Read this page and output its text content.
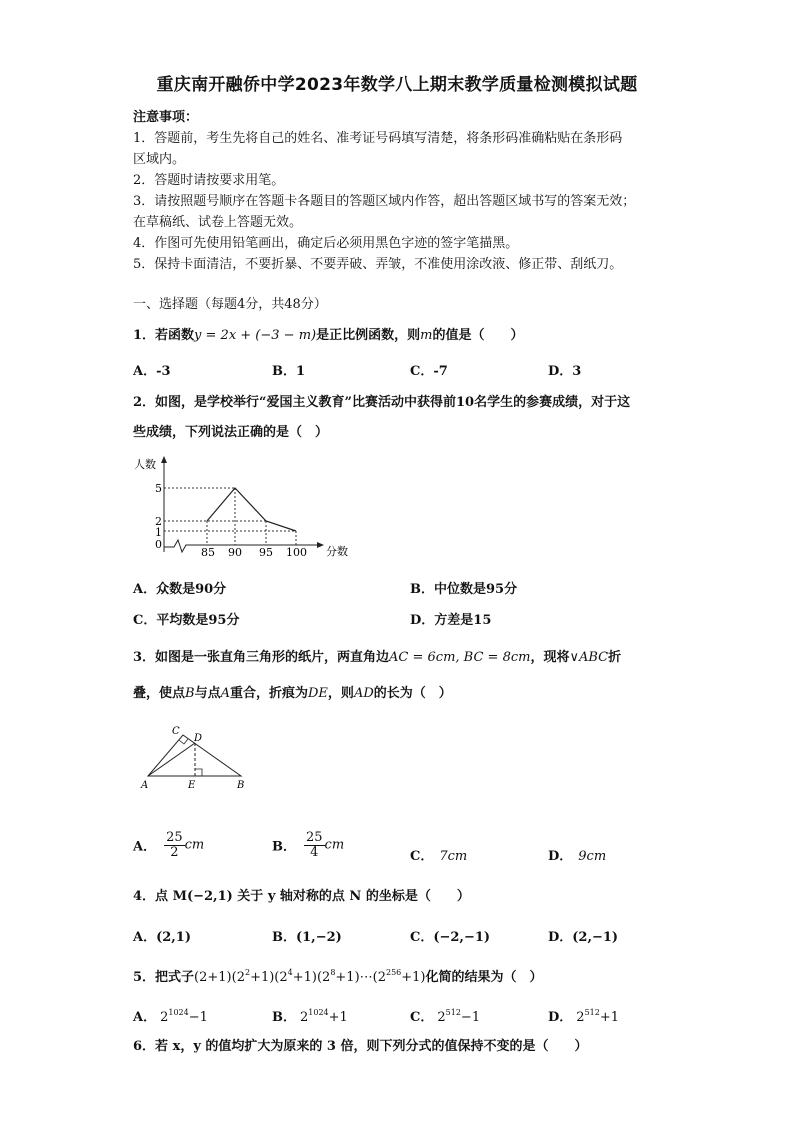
重庆南开融侨中学2023年数学八上期末教学质量检测模拟试题
注意事项：
1．答题前，考生先将自己的姓名、准考证号码填写清楚，将条形码准确粘贴在条形码
区域内。
2．答题时请按要求用笔。
3．请按照题号顺序在答题卡各题目的答题区域内作答，超出答题区域书写的答案无效；
在草稿纸、试卷上答题无效。
4．作图可先使用铅笔画出，确定后必须用黑色字迹的签字笔描黑。
5．保持卡面清洁，不要折暴、不要弄破、弄皱，不准使用涂改液、修正带、刮纸刀。
一、选择题（每题4分，共48分）
1．若函数y = 2x + (−3 − m)是正比例函数，则m的值是（　　）
A．-3	B．1	C．-7	D．3
2．如图，是学校举行“爱国主义教育”比赛活动中获得前10名学生的参赛成绩，对于这
些成绩，下列说法正确的是（　）
人数
分数
5
2
1
0
85 90 95 100
A．众数是90分	B．中位数是95分
C．平均数是95分	D．方差是15
3．如图是一张直角三角形的纸片，两直角边AC = 6cm, BC = 8cm，现将∨ABC折
叠，使点B与点A重合，折痕为DE，则AD的长为（　）
C
D
A	E	B
A． $\frac{25}{2}$ cm	B． $\frac{25}{4}$ cm
C． 7cm	D． 9cm
4．点 M(−2,1) 关于 y 轴对称的点 N 的坐标是（　　）
A．(2,1)	B．(1,−2)	C．(−2,−1)	D．(2,−1)
5．把式子$(2+1)(2^2+1)(2^4+1)(2^8+1)\cdots(2^{256}+1)$化简的结果为（　）
A． $2^{1024}-1$	B． $2^{1024}+1$	C． $2^{512}-1$	D． $2^{512}+1$
6．若 x，y 的值均扩大为原来的 3 倍，则下列分式的值保持不变的是（　　）
